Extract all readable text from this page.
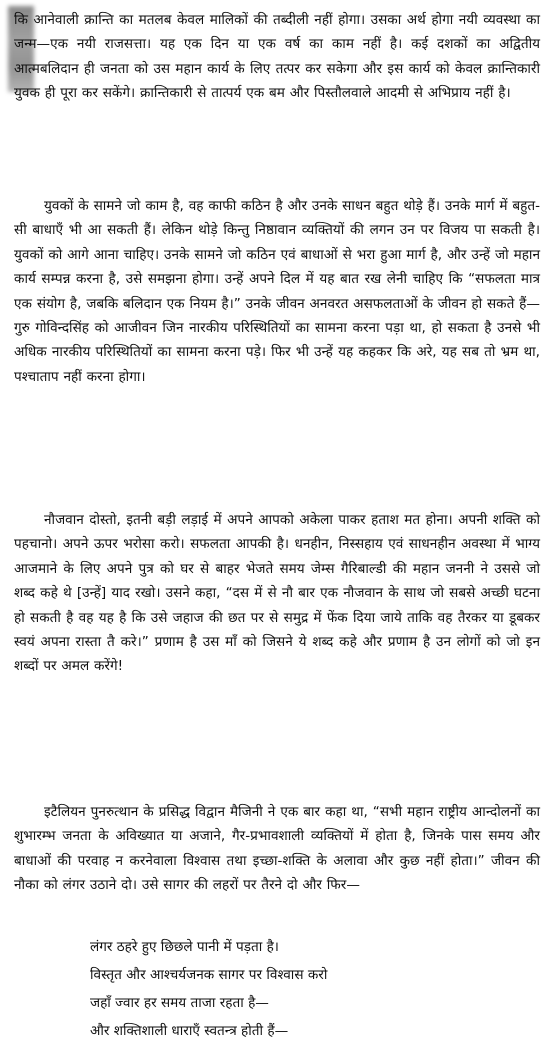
कि आनेवाली क्रान्ति का मतलब केवल मालिकों की तब्दीली नहीं होगा। उसका अर्थ होगा नयी व्यवस्था का जन्म—एक नयी राजसत्ता। यह एक दिन या एक वर्ष का काम नहीं है। कई दशकों का अद्वितीय आत्मबलिदान ही जनता को उस महान कार्य के लिए तत्पर कर सकेगा और इस कार्य को केवल क्रान्तिकारी युवक ही पूरा कर सकेंगे। क्रान्तिकारी से तात्पर्य एक बम और पिस्तौलवाले आदमी से अभिप्राय नहीं है।

युवकों के सामने जो काम है, वह काफी कठिन है और उनके साधन बहुत थोड़े हैं। उनके मार्ग में बहुत-सी बाधाएँ भी आ सकती हैं। लेकिन थोड़े किन्तु निष्ठावान व्यक्तियों की लगन उन पर विजय पा सकती है। युवकों को आगे आना चाहिए। उनके सामने जो कठिन एवं बाधाओं से भरा हुआ मार्ग है, और उन्हें जो महान कार्य सम्पन्न करना है, उसे समझना होगा। उन्हें अपने दिल में यह बात रख लेनी चाहिए कि “सफलता मात्र एक संयोग है, जबकि बलिदान एक नियम है।” उनके जीवन अनवरत असफलताओं के जीवन हो सकते हैं—गुरु गोविन्दसिंह को आजीवन जिन नारकीय परिस्थितियों का सामना करना पड़ा था, हो सकता है उनसे भी अधिक नारकीय परिस्थितियों का सामना करना पड़े। फिर भी उन्हें यह कहकर कि अरे, यह सब तो भ्रम था, पश्चाताप नहीं करना होगा।

नौजवान दोस्तो, इतनी बड़ी लड़ाई में अपने आपको अकेला पाकर हताश मत होना। अपनी शक्ति को पहचानो। अपने ऊपर भरोसा करो। सफलता आपकी है। धनहीन, निस्सहाय एवं साधनहीन अवस्था में भाग्य आजमाने के लिए अपने पुत्र को घर से बाहर भेजते समय जेम्स गैरिबाल्डी की महान जननी ने उससे जो शब्द कहे थे [उन्हें] याद रखो। उसने कहा, “दस में से नौ बार एक नौजवान के साथ जो सबसे अच्छी घटना हो सकती है वह यह है कि उसे जहाज की छत पर से समुद्र में फेंक दिया जाये ताकि वह तैरकर या डूबकर स्वयं अपना रास्ता तै करे।” प्रणाम है उस माँ को जिसने ये शब्द कहे और प्रणाम है उन लोगों को जो इन शब्दों पर अमल करेंगे!

इटैलियन पुनरुत्थान के प्रसिद्ध विद्वान मैजिनी ने एक बार कहा था, “सभी महान राष्ट्रीय आन्दोलनों का शुभारम्भ जनता के अविख्यात या अजाने, गैर-प्रभावशाली व्यक्तियों में होता है, जिनके पास समय और बाधाओं की परवाह न करनेवाला विश्वास तथा इच्छा-शक्ति के अलावा और कुछ नहीं होता।” जीवन की नौका को लंगर उठाने दो। उसे सागर की लहरों पर तैरने दो और फिर—

लंगर ठहरे हुए छिछले पानी में पड़ता है।
विस्तृत और आश्चर्यजनक सागर पर विश्वास करो
जहाँ ज्वार हर समय ताजा रहता है—
और शक्तिशाली धाराएँ स्वतन्त्र होती हैं—
